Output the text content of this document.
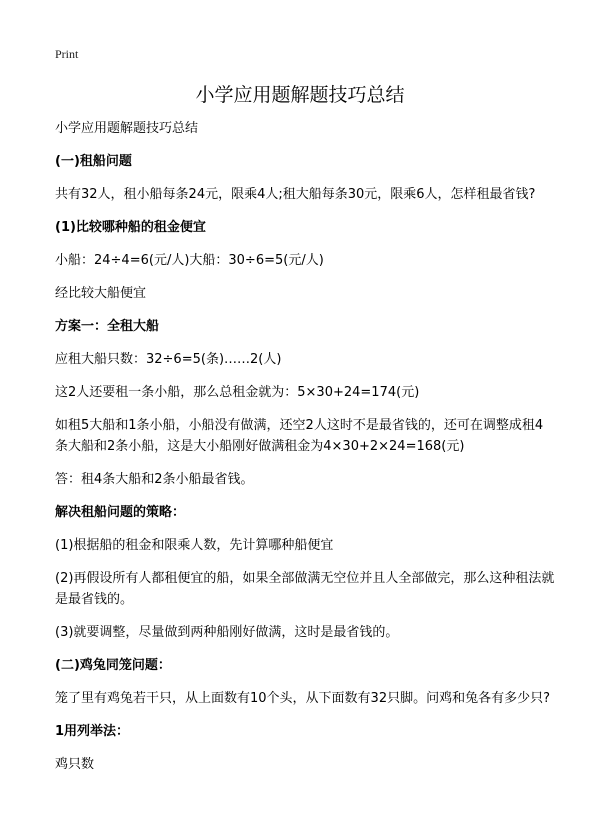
Print
小学应用题解题技巧总结

小学应用题解题技巧总结

(一)租船问题

共有32人，租小船每条24元，限乘4人;租大船每条30元，限乘6人，怎样租最省钱?

(1)比较哪种船的租金便宜

小船：24÷4=6(元/人)大船：30÷6=5(元/人)

经比较大船便宜

方案一：全租大船

应租大船只数：32÷6=5(条)……2(人)

这2人还要租一条小船，那么总租金就为：5×30+24=174(元)

如租5大船和1条小船，小船没有做满，还空2人这时不是最省钱的，还可在调整成租4条大船和2条小船，这是大小船刚好做满租金为4×30+2×24=168(元)

答：租4条大船和2条小船最省钱。

解决租船问题的策略：

(1)根据船的租金和限乘人数，先计算哪种船便宜

(2)再假设所有人都租便宜的船，如果全部做满无空位并且人全部做完，那么这种租法就是最省钱的。

(3)就要调整，尽量做到两种船刚好做满，这时是最省钱的。

(二)鸡兔同笼问题：

笼了里有鸡兔若干只，从上面数有10个头，从下面数有32只脚。问鸡和兔各有多少只?

1用列举法：

鸡只数
